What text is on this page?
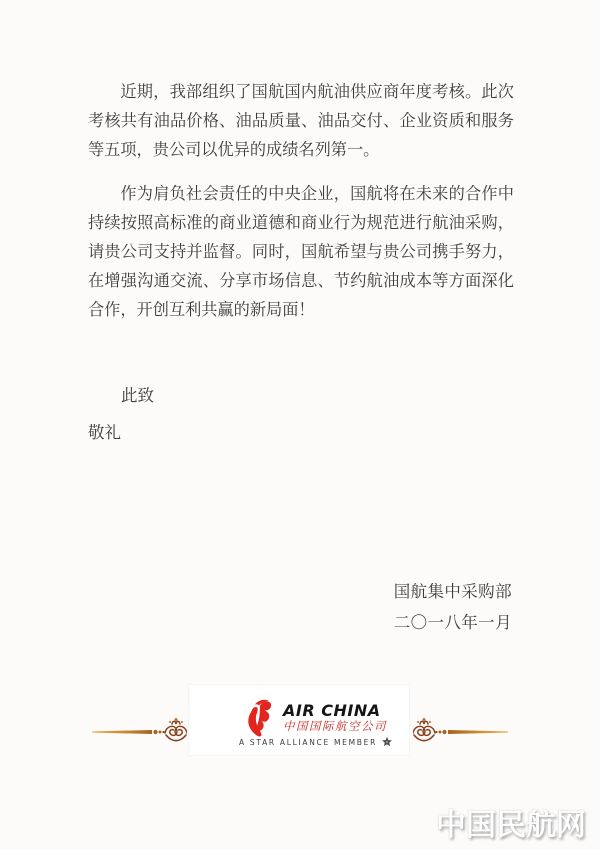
近期，我部组织了国航国内航油供应商年度考核。此次考核共有油品价格、油品质量、油品交付、企业资质和服务等五项，贵公司以优异的成绩名列第一。

作为肩负社会责任的中央企业，国航将在未来的合作中持续按照高标准的商业道德和商业行为规范进行航油采购，请贵公司支持并监督。同时，国航希望与贵公司携手努力，在增强沟通交流、分享市场信息、节约航油成本等方面深化合作，开创互利共赢的新局面！

此致
敬礼
国航集中采购部
二〇一八年一月
AIR CHINA
中国国际航空公司
A STAR ALLIANCE MEMBER
中国民航网
